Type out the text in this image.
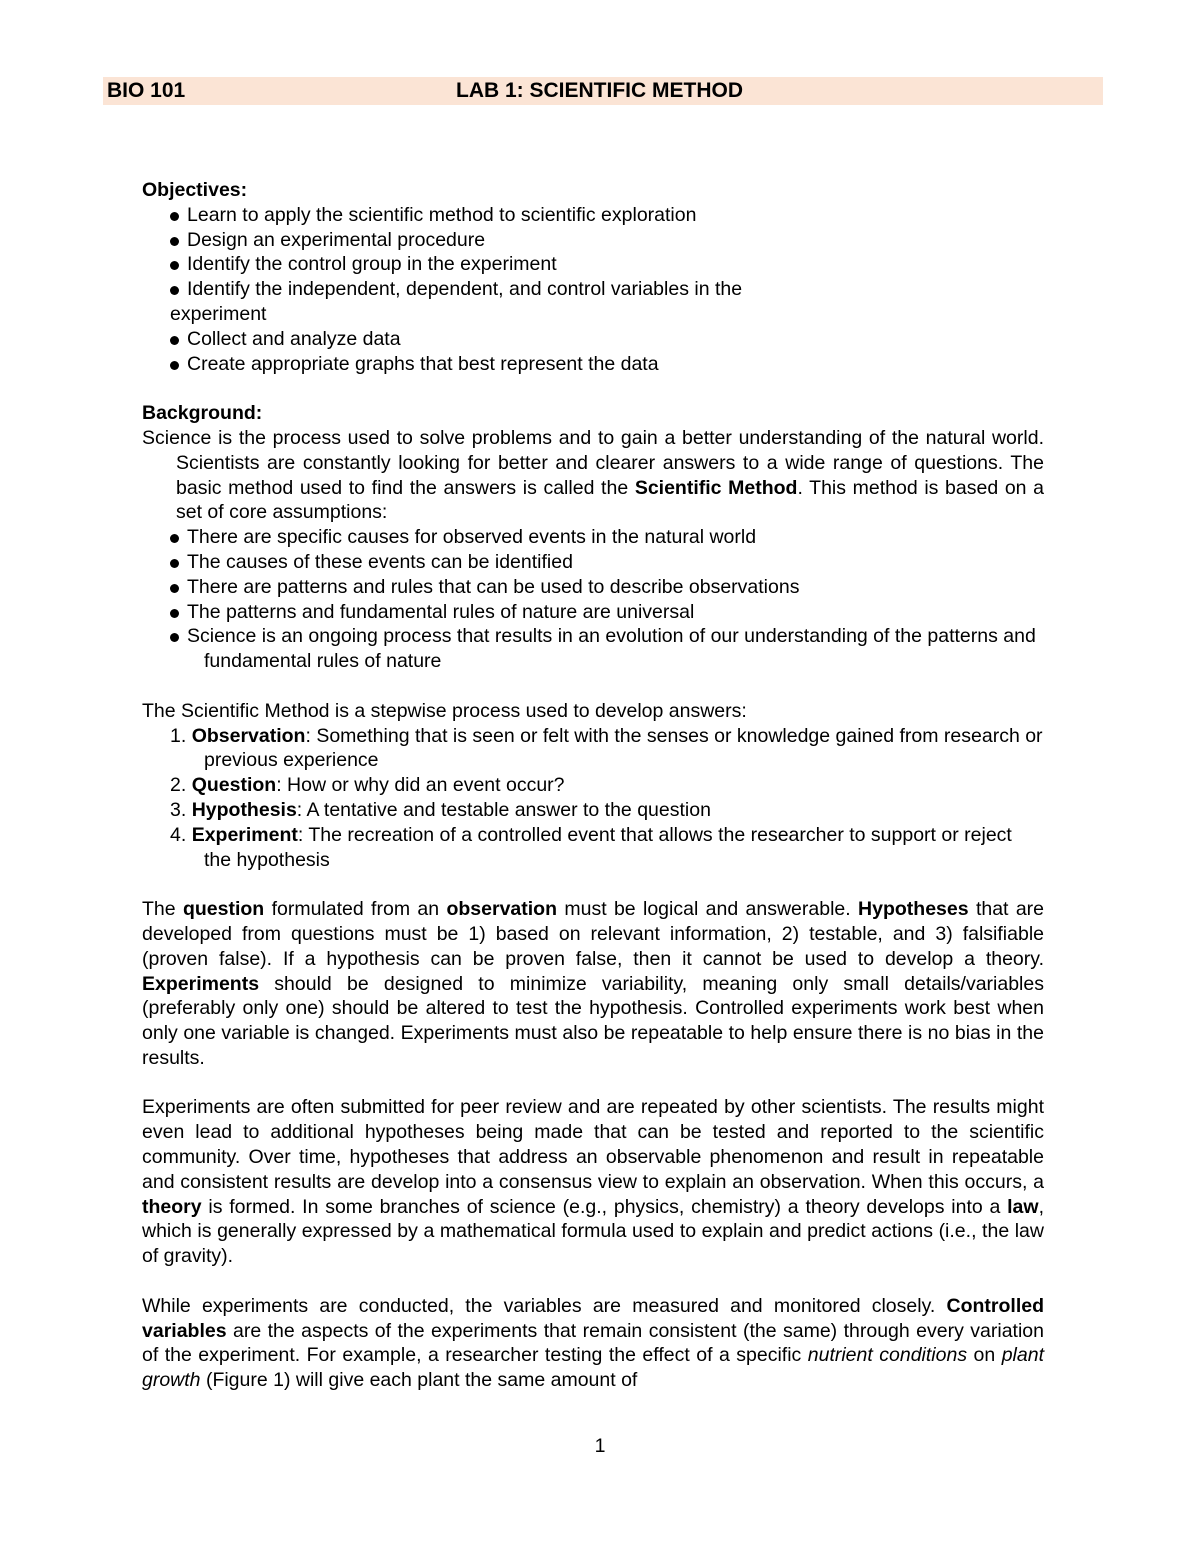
BIO 101	LAB 1: SCIENTIFIC METHOD

Objectives:

Learn to apply the scientific method to scientific exploration
Design an experimental procedure
Identify the control group in the experiment
Identify the independent, dependent, and control variables in the
experiment
Collect and analyze data
Create appropriate graphs that best represent the data

Background:

Science is the process used to solve problems and to gain a better understanding of the natural world. Scientists are constantly looking for better and clearer answers to a wide range of questions. The basic method used to find the answers is called the Scientific Method. This method is based on a set of core assumptions:

There are specific causes for observed events in the natural world
The causes of these events can be identified
There are patterns and rules that can be used to describe observations
The patterns and fundamental rules of nature are universal
Science is an ongoing process that results in an evolution of our understanding of the patterns and fundamental rules of nature

The Scientific Method is a stepwise process used to develop answers:

1. Observation: Something that is seen or felt with the senses or knowledge gained from research or previous experience
2. Question: How or why did an event occur?
3. Hypothesis: A tentative and testable answer to the question
4. Experiment: The recreation of a controlled event that allows the researcher to support or reject the hypothesis

The question formulated from an observation must be logical and answerable. Hypotheses that are developed from questions must be 1) based on relevant information, 2) testable, and 3) falsifiable (proven false). If a hypothesis can be proven false, then it cannot be used to develop a theory. Experiments should be designed to minimize variability, meaning only small details/variables (preferably only one) should be altered to test the hypothesis. Controlled experiments work best when only one variable is changed. Experiments must also be repeatable to help ensure there is no bias in the results.

Experiments are often submitted for peer review and are repeated by other scientists. The results might even lead to additional hypotheses being made that can be tested and reported to the scientific community. Over time, hypotheses that address an observable phenomenon and result in repeatable and consistent results are develop into a consensus view to explain an observation. When this occurs, a theory is formed. In some branches of science (e.g., physics, chemistry) a theory develops into a law, which is generally expressed by a mathematical formula used to explain and predict actions (i.e., the law of gravity).

While experiments are conducted, the variables are measured and monitored closely. Controlled variables are the aspects of the experiments that remain consistent (the same) through every variation of the experiment. For example, a researcher testing the effect of a specific nutrient conditions on plant growth (Figure 1) will give each plant the same amount of

1
